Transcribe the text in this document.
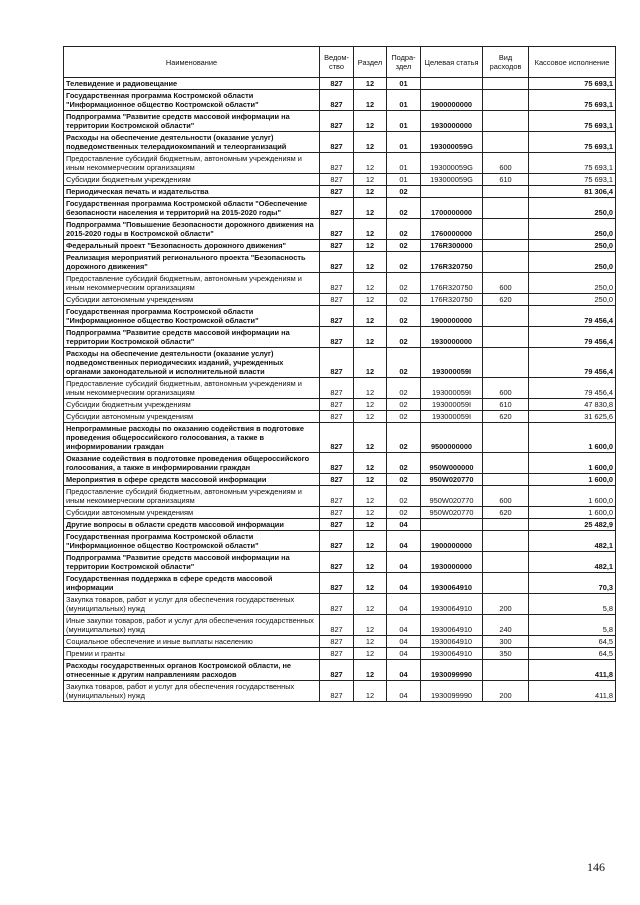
Наименование	Ведом-ство	Раздел	Подра-здел	Целевая статья	Вид расходов	Кассовое исполнение
Телевидение и радиовещание	827	12	01			75 693,1
Государственная программа Костромской области "Информационное общество Костромской области"	827	12	01	1900000000		75 693,1
Подпрограмма "Развитие средств массовой информации на территории Костромской области"	827	12	01	1930000000		75 693,1
Расходы на обеспечение деятельности (оказание услуг) подведомственных телерадиокомпаний и телеорганизаций	827	12	01	193000059G		75 693,1
Предоставление субсидий бюджетным, автономным учреждениям и иным некоммерческим организациям	827	12	01	193000059G	600	75 693,1
Субсидии бюджетным учреждениям	827	12	01	193000059G	610	75 693,1
Периодическая печать и издательства	827	12	02			81 306,4
Государственная программа Костромской области "Обеспечение безопасности населения и территорий на 2015-2020 годы"	827	12	02	1700000000		250,0
Подпрограмма "Повышение безопасности дорожного движения на 2015-2020 годы в Костромской области"	827	12	02	1760000000		250,0
Федеральный проект "Безопасность дорожного движения"	827	12	02	176R300000		250,0
Реализация мероприятий регионального проекта "Безопасность дорожного движения"	827	12	02	176R320750		250,0
Предоставление субсидий бюджетным, автономным учреждениям и иным некоммерческим организациям	827	12	02	176R320750	600	250,0
Субсидии автономным учреждениям	827	12	02	176R320750	620	250,0
Государственная программа Костромской области "Информационное общество Костромской области"	827	12	02	1900000000		79 456,4
Подпрограмма "Развитие средств массовой информации на территории Костромской области"	827	12	02	1930000000		79 456,4
Расходы на обеспечение деятельности (оказание услуг) подведомственных периодических изданий, учрежденных органами законодательной и исполнительной власти	827	12	02	193000059I		79 456,4
Предоставление субсидий бюджетным, автономным учреждениям и иным некоммерческим организациям	827	12	02	193000059I	600	79 456,4
Субсидии бюджетным учреждениям	827	12	02	193000059I	610	47 830,8
Субсидии автономным учреждениям	827	12	02	193000059I	620	31 625,6
Непрограммные расходы по оказанию содействия в подготовке проведения общероссийского голосования, а также в информировании граждан	827	12	02	9500000000		1 600,0
Оказание содействия в подготовке проведения общероссийского голосования, а также в информировании граждан	827	12	02	950W000000		1 600,0
Мероприятия в сфере средств массовой информации	827	12	02	950W020770		1 600,0
Предоставление субсидий бюджетным, автономным учреждениям и иным некоммерческим организациям	827	12	02	950W020770	600	1 600,0
Субсидии автономным учреждениям	827	12	02	950W020770	620	1 600,0
Другие вопросы в области средств массовой информации	827	12	04			25 482,9
Государственная программа Костромской области "Информационное общество Костромской области"	827	12	04	1900000000		482,1
Подпрограмма "Развитие средств массовой информации на территории Костромской области"	827	12	04	1930000000		482,1
Государственная поддержка в сфере средств массовой информации	827	12	04	1930064910		70,3
Закупка товаров, работ и услуг для обеспечения государственных (муниципальных) нужд	827	12	04	1930064910	200	5,8
Иные закупки товаров, работ и услуг для обеспечения государственных (муниципальных) нужд	827	12	04	1930064910	240	5,8
Социальное обеспечение и иные выплаты населению	827	12	04	1930064910	300	64,5
Премии и гранты	827	12	04	1930064910	350	64,5
Расходы государственных органов Костромской области, не отнесенные к другим направлениям расходов	827	12	04	1930099990		411,8
Закупка товаров, работ и услуг для обеспечения государственных (муниципальных) нужд	827	12	04	1930099990	200	411,8
146
